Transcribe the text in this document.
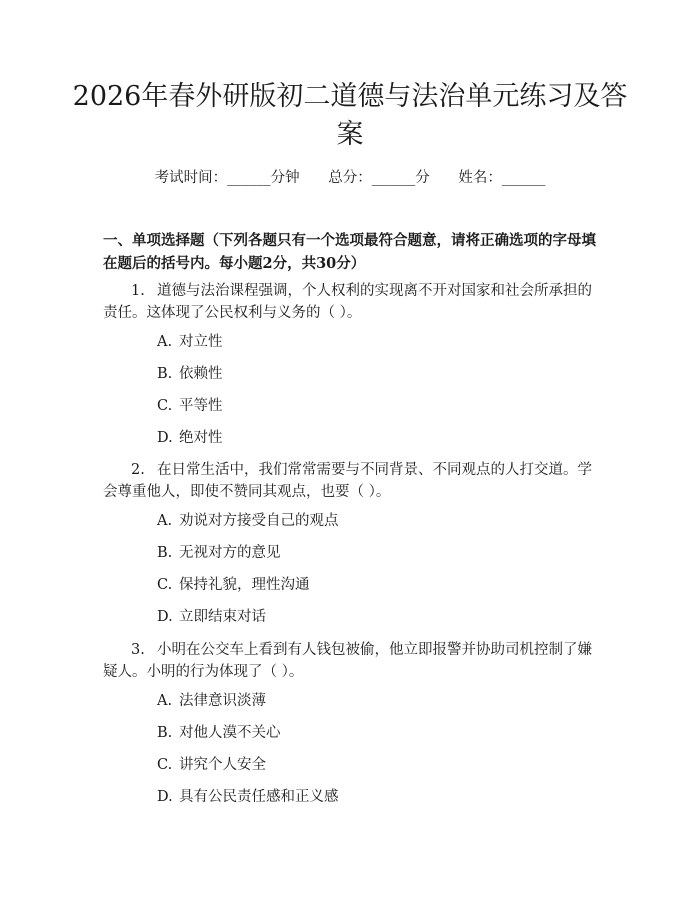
2026年春外研版初二道德与法治单元练习及答案
考试时间：______分钟 总分：______分 姓名：______

一、单项选择题（下列各题只有一个选项最符合题意，请将正确选项的字母填在题后的括号内。每小题2分，共30分）

1. 道德与法治课程强调，个人权利的实现离不开对国家和社会所承担的责任。这体现了公民权利与义务的（ ）。

A. 对立性
B. 依赖性
C. 平等性
D. 绝对性

2. 在日常生活中，我们常常需要与不同背景、不同观点的人打交道。学会尊重他人，即使不赞同其观点，也要（ ）。

A. 劝说对方接受自己的观点
B. 无视对方的意见
C. 保持礼貌，理性沟通
D. 立即结束对话

3. 小明在公交车上看到有人钱包被偷，他立即报警并协助司机控制了嫌疑人。小明的行为体现了（ ）。

A. 法律意识淡薄
B. 对他人漠不关心
C. 讲究个人安全
D. 具有公民责任感和正义感
